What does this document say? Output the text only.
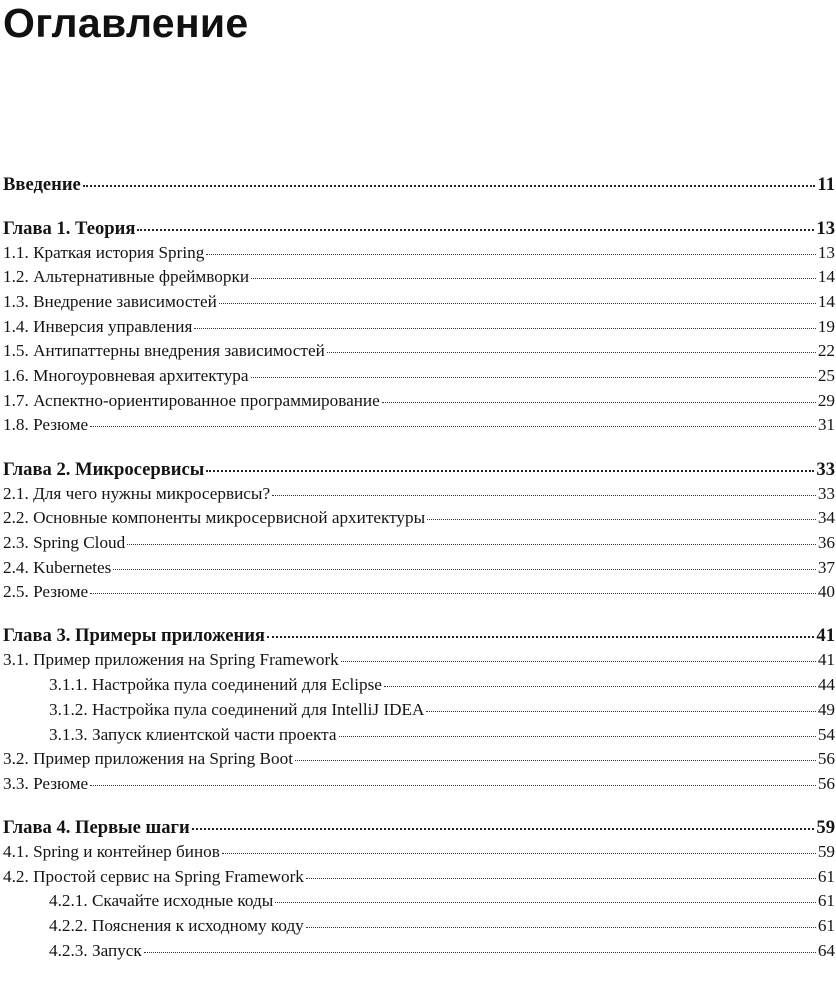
Оглавление
Введение	11
Глава 1. Теория	13
1.1. Краткая история Spring	13
1.2. Альтернативные фреймворки	14
1.3. Внедрение зависимостей	14
1.4. Инверсия управления	19
1.5. Антипаттерны внедрения зависимостей	22
1.6. Многоуровневая архитектура	25
1.7. Аспектно-ориентированное программирование	29
1.8. Резюме	31
Глава 2. Микросервисы	33
2.1. Для чего нужны микросервисы?	33
2.2. Основные компоненты микросервисной архитектуры	34
2.3. Spring Cloud	36
2.4. Kubernetes	37
2.5. Резюме	40
Глава 3. Примеры приложения	41
3.1. Пример приложения на Spring Framework	41
3.1.1. Настройка пула соединений для Eclipse	44
3.1.2. Настройка пула соединений для IntelliJ IDEA	49
3.1.3. Запуск клиентской части проекта	54
3.2. Пример приложения на Spring Boot	56
3.3. Резюме	56
Глава 4. Первые шаги	59
4.1. Spring и контейнер бинов	59
4.2. Простой сервис на Spring Framework	61
4.2.1. Скачайте исходные коды	61
4.2.2. Пояснения к исходному коду	61
4.2.3. Запуск	64
